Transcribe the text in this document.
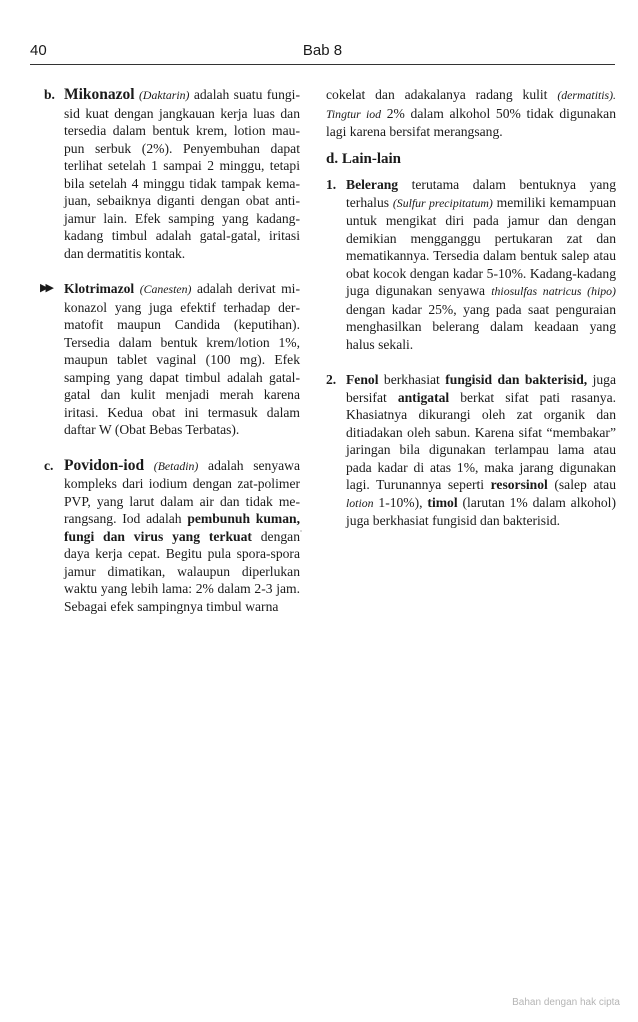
40	Bab 8
b. Mikonazol (Daktarin) adalah suatu fungisid kuat dengan jangkauan kerja luas dan tersedia dalam bentuk krem, lotion maupun serbuk (2%). Penyembuhan dapat terlihat setelah 1 sampai 2 minggu, tetapi bila setelah 4 minggu tidak tampak kemajuan, sebaiknya diganti dengan obat antijamur lain. Efek samping yang kadang-kadang timbul adalah gatal-gatal, iritasi dan dermatitis kontak.

▶▶ Klotrimazol (Canesten) adalah derivat mikonazol yang juga efektif terhadap dermatofit maupun Candida (keputihan). Tersedia dalam bentuk krem/lotion 1%, maupun tablet vaginal (100 mg). Efek samping yang dapat timbul adalah gatal-gatal dan kulit menjadi merah karena iritasi. Kedua obat ini termasuk dalam daftar W (Obat Bebas Terbatas).

c. Povidon-iod (Betadin) adalah senyawa kompleks dari iodium dengan zat-polimer PVP, yang larut dalam air dan tidak merangsang. Iod adalah pembunuh kuman, fungi dan virus yang terkuat dengan daya kerja cepat. Begitu pula spora-spora jamur dimatikan, walaupun diperlukan waktu yang lebih lama: 2% dalam 2-3 jam. Sebagai efek sampingnya timbul warna

cokelat dan adakalanya radang kulit (dermatitis). Tingtur iod 2% dalam alkohol 50% tidak digunakan lagi karena bersifat merangsang.

d. Lain-lain
1. Belerang terutama dalam bentuknya yang terhalus (Sulfur precipitatum) memiliki kemampuan untuk mengikat diri pada jamur dan dengan demikian mengganggu pertukaran zat dan mematikannya. Tersedia dalam bentuk salep atau obat kocok dengan kadar 5-10%. Kadang-kadang juga digunakan senyawa thiosulfas natricus (hipo) dengan kadar 25%, yang pada saat penguraian menghasilkan belerang dalam keadaan yang halus sekali.

2. Fenol berkhasiat fungisid dan bakterisid, juga bersifat antigatal berkat sifat pati rasanya. Khasiatnya dikurangi oleh zat organik dan ditiadakan oleh sabun. Karena sifat “membakar” jaringan bila digunakan terlampau lama atau pada kadar di atas 1%, maka jarang digunakan lagi. Turunannya seperti resorsinol (salep atau lotion 1-10%), timol (larutan 1% dalam alkohol) juga berkhasiat fungisid dan bakterisid.

Bahan dengan hak cipta
